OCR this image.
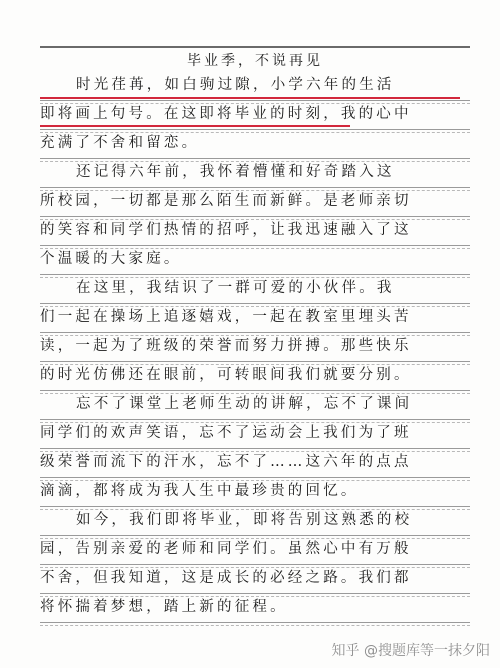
毕业季，不说再见
时光荏苒，如白驹过隙，小学六年的生活
即将画上句号。在这即将毕业的时刻，我的心中
充满了不舍和留恋。
还记得六年前，我怀着懵懂和好奇踏入这
所校园，一切都是那么陌生而新鲜。是老师亲切
的笑容和同学们热情的招呼，让我迅速融入了这
个温暖的大家庭。
在这里，我结识了一群可爱的小伙伴。我
们一起在操场上追逐嬉戏，一起在教室里埋头苦
读，一起为了班级的荣誉而努力拼搏。那些快乐
的时光仿佛还在眼前，可转眼间我们就要分别。
忘不了课堂上老师生动的讲解，忘不了课间
同学们的欢声笑语，忘不了运动会上我们为了班
级荣誉而流下的汗水，忘不了……这六年的点点
滴滴，都将成为我人生中最珍贵的回忆。
如今，我们即将毕业，即将告别这熟悉的校
园，告别亲爱的老师和同学们。虽然心中有万般
不舍，但我知道，这是成长的必经之路。我们都
将怀揣着梦想，踏上新的征程。
知乎 @搜题库等一抹夕阳
